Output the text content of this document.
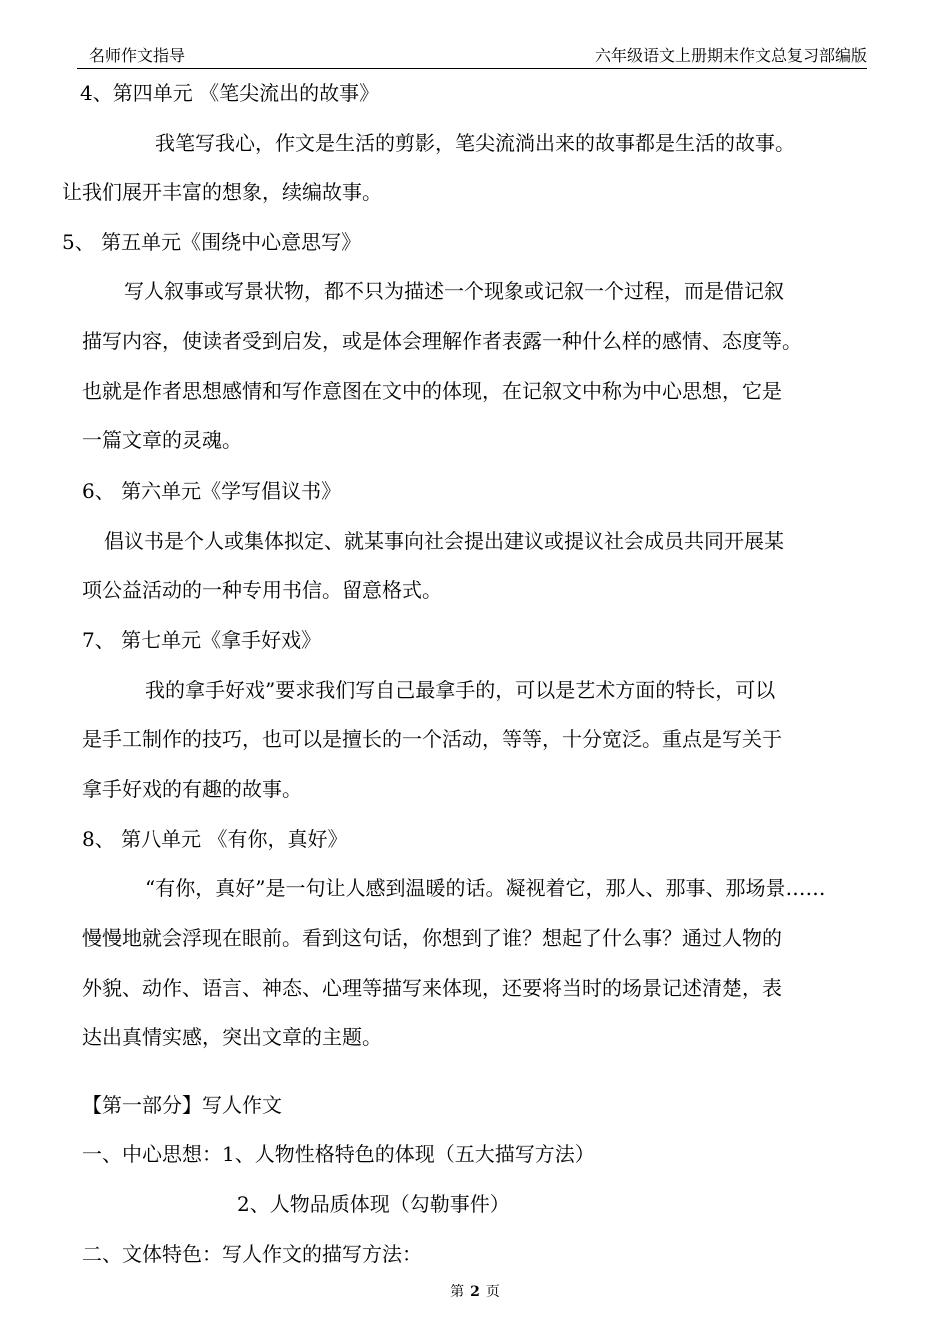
名师作文指导	六年级语文上册期末作文总复习部编版
4、第四单元 《笔尖流出的故事》
我笔写我心，作文是生活的剪影，笔尖流淌出来的故事都是生活的故事。
让我们展开丰富的想象，续编故事。
5、 第五单元《围绕中心意思写》
写人叙事或写景状物，都不只为描述一个现象或记叙一个过程，而是借记叙
描写内容，使读者受到启发，或是体会理解作者表露一种什么样的感情、态度等。
也就是作者思想感情和写作意图在文中的体现，在记叙文中称为中心思想，它是
一篇文章的灵魂。
6、 第六单元《学写倡议书》
倡议书是个人或集体拟定、就某事向社会提出建议或提议社会成员共同开展某
项公益活动的一种专用书信。留意格式。
7、 第七单元《拿手好戏》
我的拿手好戏”要求我们写自己最拿手的，可以是艺术方面的特长，可以
是手工制作的技巧，也可以是擅长的一个活动，等等，十分宽泛。重点是写关于
拿手好戏的有趣的故事。
8、 第八单元 《有你，真好》
“有你，真好”是一句让人感到温暖的话。凝视着它，那人、那事、那场景……
慢慢地就会浮现在眼前。看到这句话，你想到了谁？想起了什么事？通过人物的
外貌、动作、语言、神态、心理等描写来体现，还要将当时的场景记述清楚，表
达出真情实感，突出文章的主题。
【第一部分】写人作文
一、中心思想：1、人物性格特色的体现（五大描写方法）
2、人物品质体现（勾勒事件）
二、文体特色：写人作文的描写方法：
第 2 页
